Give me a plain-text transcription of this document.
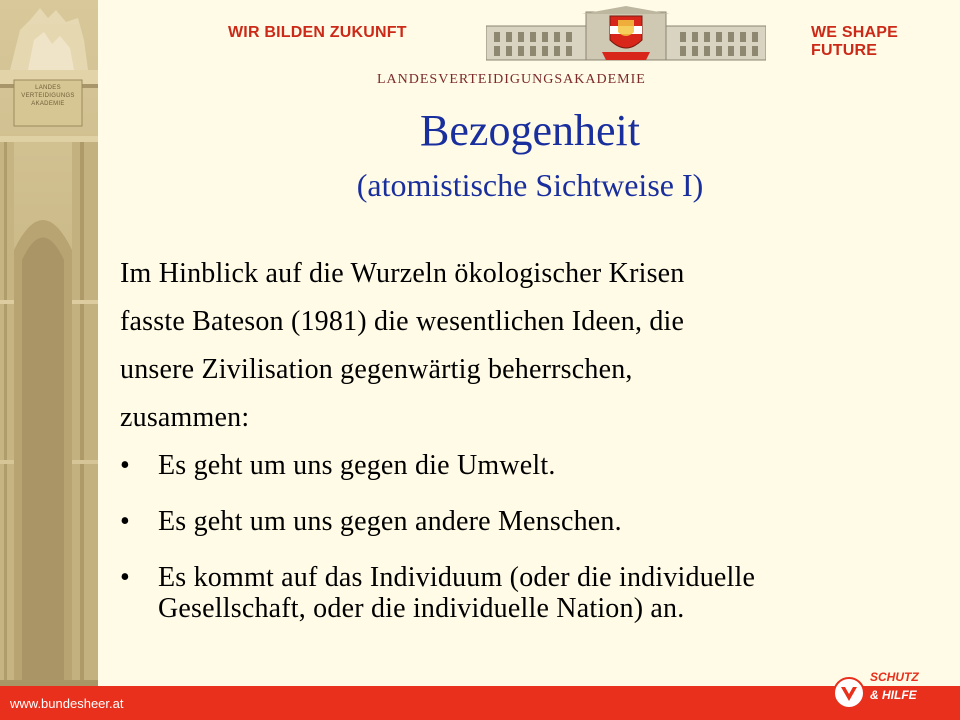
LANDES
VERTEIDIGUNGS
AKADEMIE
WIR BILDEN ZUKUNFT	WE SHAPE FUTURE
LANDESVERTEIDIGUNGSAKADEMIE
Bezogenheit
(atomistische Sichtweise I)
Im Hinblick auf die Wurzeln ökologischer Krisen
fasste Bateson (1981) die wesentlichen Ideen, die
unsere Zivilisation gegenwärtig beherrschen,
zusammen:
• Es geht um uns gegen die Umwelt.
• Es geht um uns gegen andere Menschen.
• Es kommt auf das Individuum (oder die individuelle Gesellschaft, oder die individuelle Nation) an.
www.bundesheer.at
SCHUTZ
& HILFE
